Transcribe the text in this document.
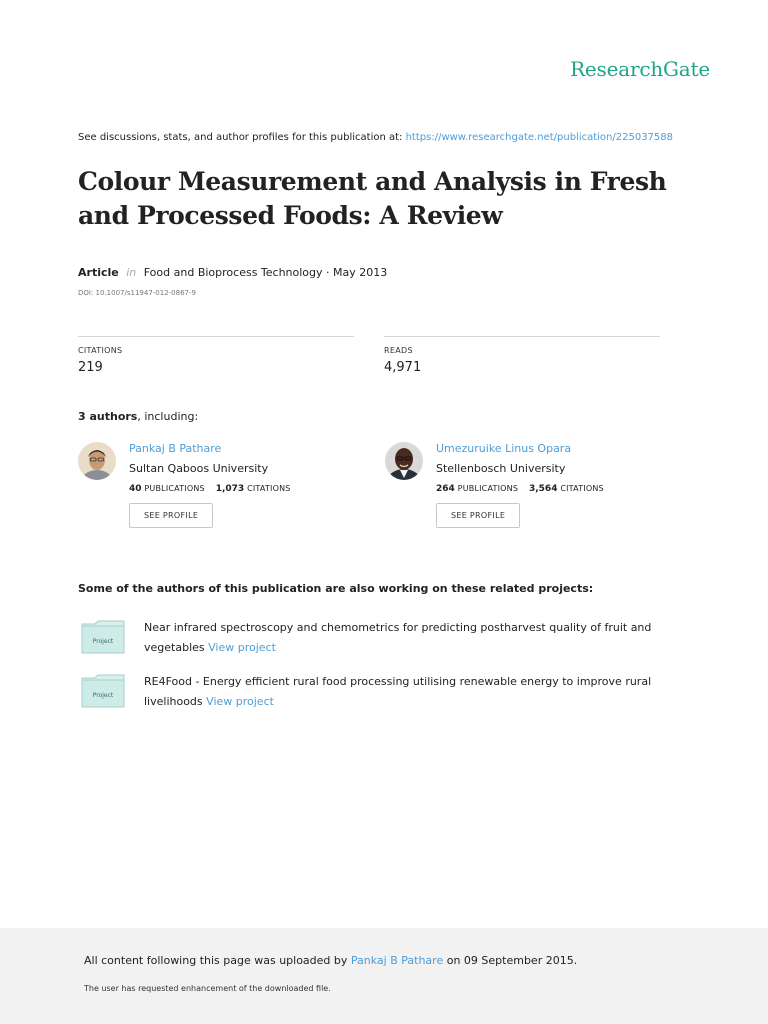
ResearchGate
See discussions, stats, and author profiles for this publication at: https://www.researchgate.net/publication/225037588
Colour Measurement and Analysis in Fresh and Processed Foods: A Review
Article in Food and Bioprocess Technology · May 2013
DOI: 10.1007/s11947-012-0867-9
CITATIONS
219
READS
4,971
3 authors, including:
Pankaj B Pathare
Sultan Qaboos University
40 PUBLICATIONS 1,073 CITATIONS
SEE PROFILE
Umezuruike Linus Opara
Stellenbosch University
264 PUBLICATIONS 3,564 CITATIONS
SEE PROFILE
Some of the authors of this publication are also working on these related projects:
Project
Near infrared spectroscopy and chemometrics for predicting postharvest quality of fruit and vegetables View project
Project
RE4Food - Energy efficient rural food processing utilising renewable energy to improve rural livelihoods View project
All content following this page was uploaded by Pankaj B Pathare on 09 September 2015.
The user has requested enhancement of the downloaded file.
